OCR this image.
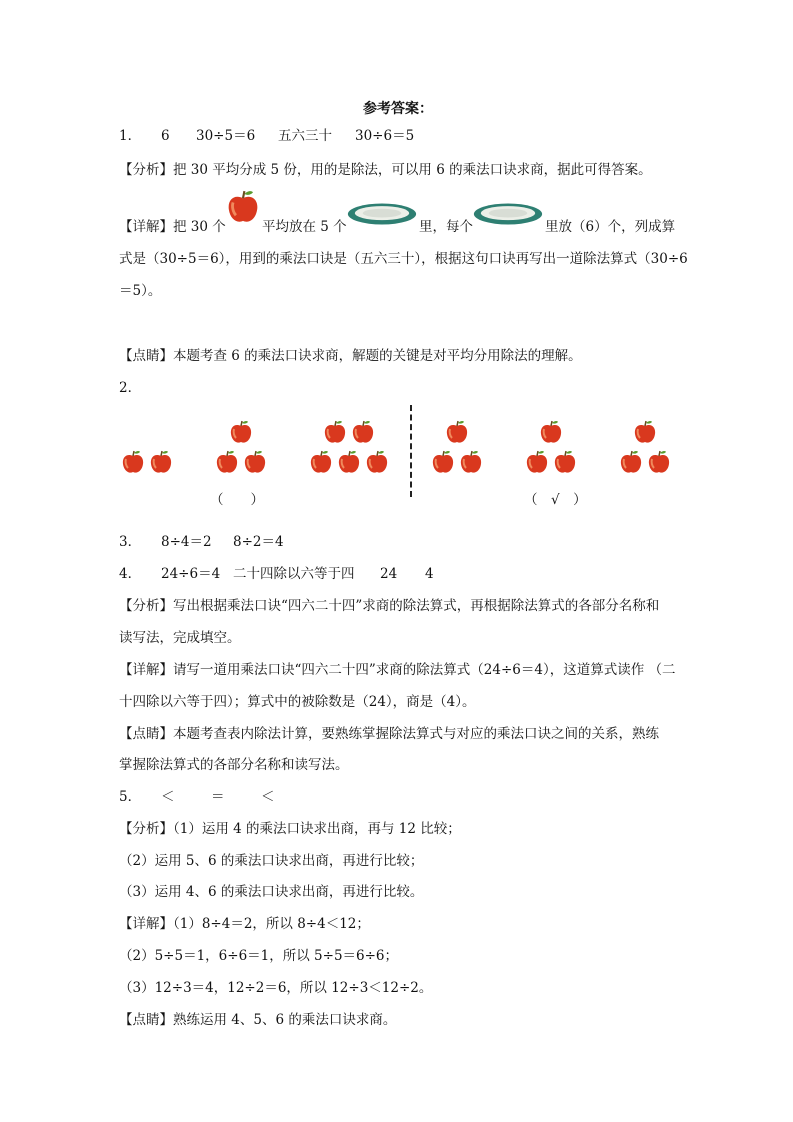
参考答案：
1． 6 30÷5＝6 五六三十 30÷6＝5
【分析】把 30 平均分成 5 份，用的是除法，可以用 6 的乘法口诀求商，据此可得答案。
【详解】把 30 个	平均放在 5 个	里，每个	里放（6）个，列成算
式是（30÷5＝6），用到的乘法口诀是（五六三十），根据这句口诀再写出一道除法算式（30÷6
＝5）。
【点睛】本题考查 6 的乘法口诀求商，解题的关键是对平均分用除法的理解。
2．
（　　）	（　√　）
3． 8÷4＝2 8÷2＝4
4． 24÷6＝4 二十四除以六等于四 24 4
【分析】写出根据乘法口诀“四六二十四”求商的除法算式，再根据除法算式的各部分名称和
读写法，完成填空。
【详解】请写一道用乘法口诀“四六二十四”求商的除法算式（24÷6＝4），这道算式读作 （二
十四除以六等于四）；算式中的被除数是（24），商是（4）。
【点睛】本题考查表内除法计算，要熟练掌握除法算式与对应的乘法口诀之间的关系，熟练
掌握除法算式的各部分名称和读写法。
5． ＜	＝	＜
【分析】（1）运用 4 的乘法口诀求出商，再与 12 比较；
（2）运用 5、6 的乘法口诀求出商，再进行比较；
（3）运用 4、6 的乘法口诀求出商，再进行比较。
【详解】（1）8÷4＝2，所以 8÷4＜12；
（2）5÷5＝1，6÷6＝1，所以 5÷5＝6÷6；
（3）12÷3＝4，12÷2＝6，所以 12÷3＜12÷2。
【点睛】熟练运用 4、5、6 的乘法口诀求商。
